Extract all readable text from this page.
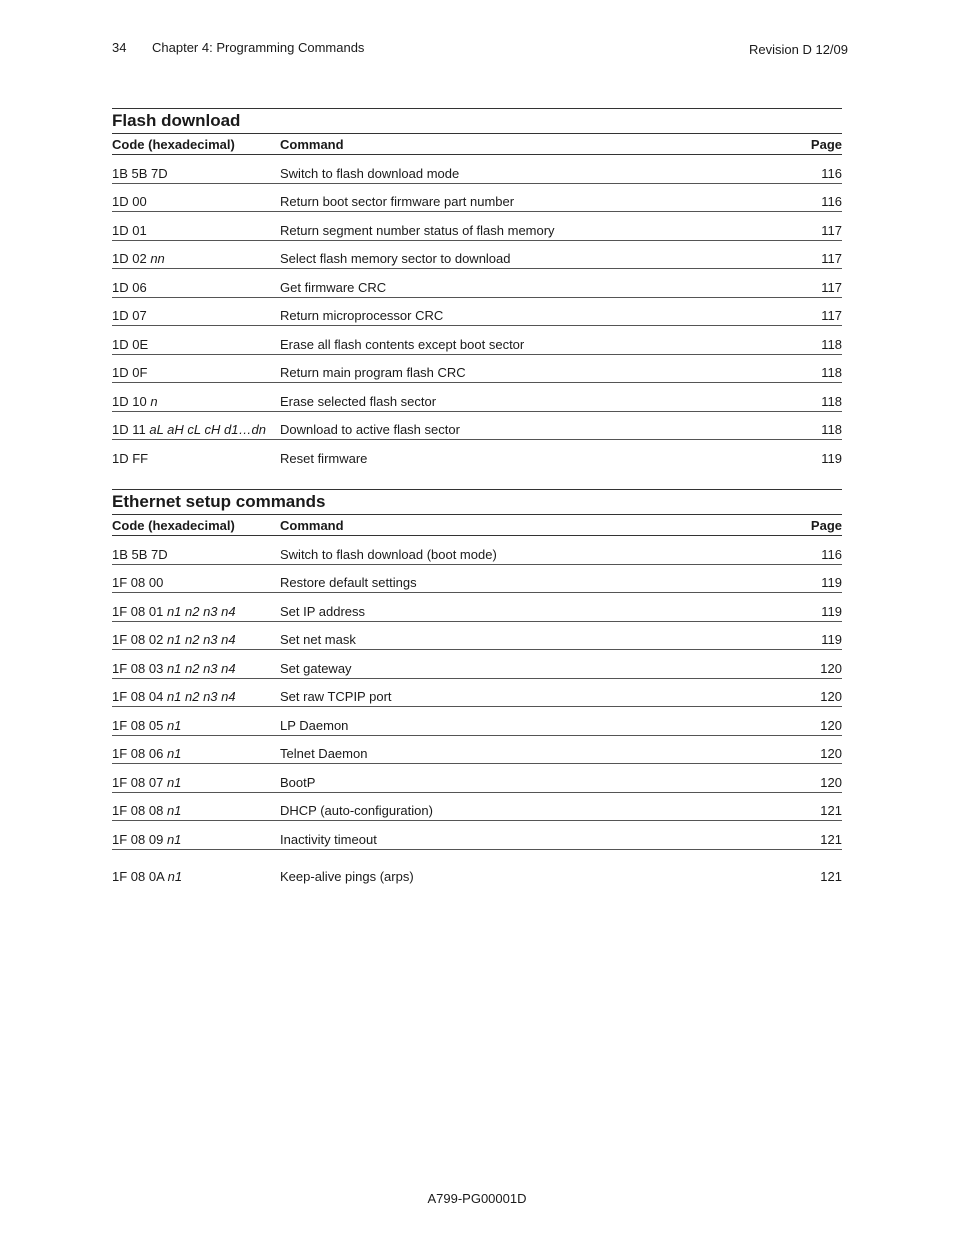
34 Chapter 4: Programming Commands	Revision D 12/09
Flash download
Code (hexadecimal)	Command	Page
1B 5B 7D	Switch to flash download mode	116
1D 00	Return boot sector firmware part number	116
1D 01	Return segment number status of flash memory	117
1D 02 nn	Select flash memory sector to download	117
1D 06	Get firmware CRC	117
1D 07	Return microprocessor CRC	117
1D 0E	Erase all flash contents except boot sector	118
1D 0F	Return main program flash CRC	118
1D 10 n	Erase selected flash sector	118
1D 11 aL aH cL cH d1…dn	Download to active flash sector	118
1D FF	Reset firmware	119
Ethernet setup commands
Code (hexadecimal)	Command	Page
1B 5B 7D	Switch to flash download (boot mode)	116
1F 08 00	Restore default settings	119
1F 08 01 n1 n2 n3 n4	Set IP address	119
1F 08 02 n1 n2 n3 n4	Set net mask	119
1F 08 03 n1 n2 n3 n4	Set gateway	120
1F 08 04 n1 n2 n3 n4	Set raw TCPIP port	120
1F 08 05 n1	LP Daemon	120
1F 08 06 n1	Telnet Daemon	120
1F 08 07 n1	BootP	120
1F 08 08 n1	DHCP (auto-configuration)	121
1F 08 09 n1	Inactivity timeout	121
1F 08 0A n1	Keep-alive pings (arps)	121
A799-PG00001D
